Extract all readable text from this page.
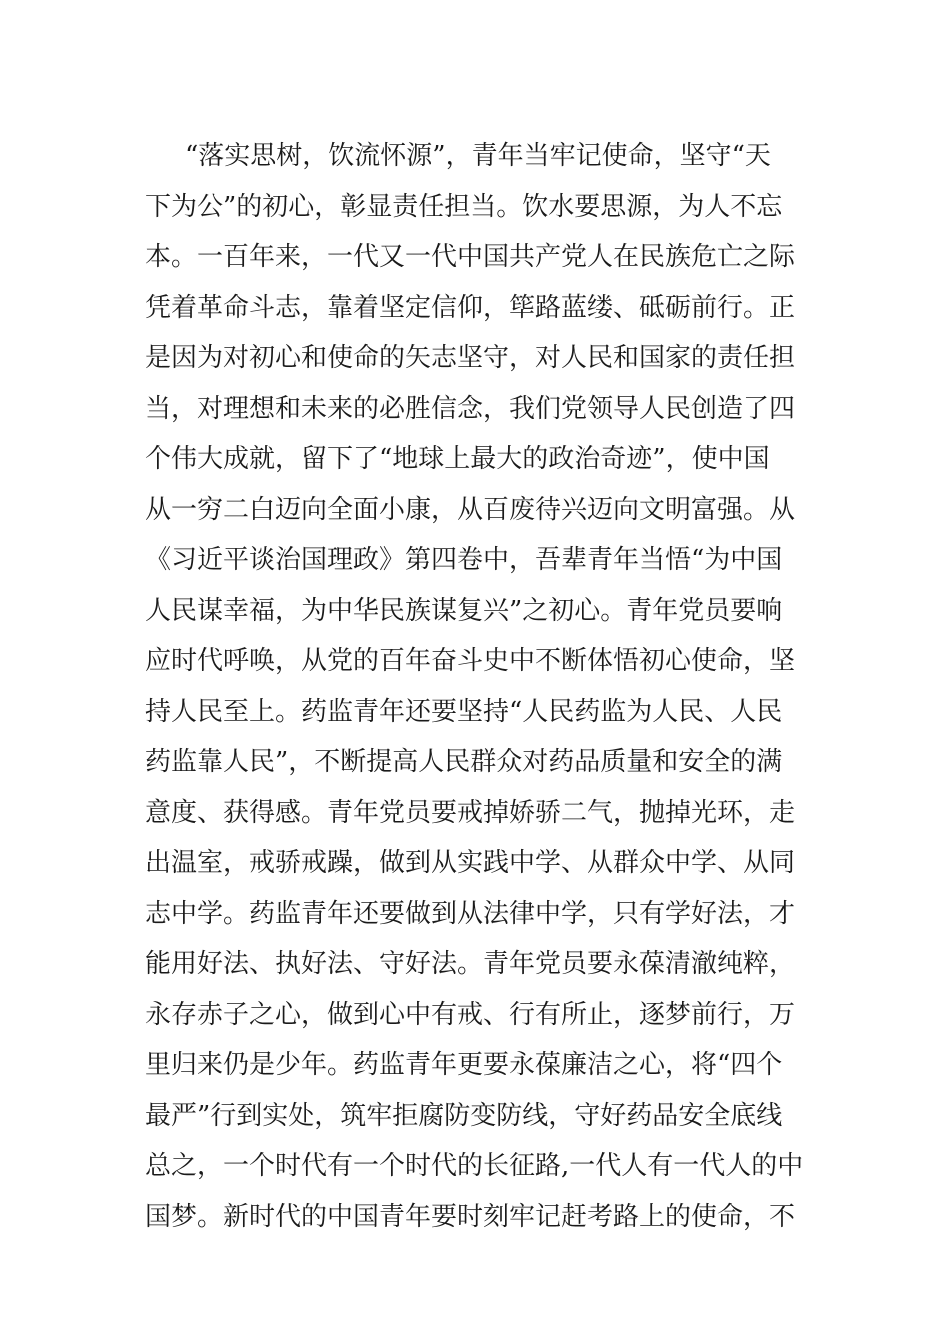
“落实思树，饮流怀源”，青年当牢记使命，坚守“天
下为公”的初心，彰显责任担当。饮水要思源，为人不忘
本。一百年来，一代又一代中国共产党人在民族危亡之际
凭着革命斗志，靠着坚定信仰，筚路蓝缕、砥砺前行。正
是因为对初心和使命的矢志坚守，对人民和国家的责任担
当，对理想和未来的必胜信念，我们党领导人民创造了四
个伟大成就，留下了“地球上最大的政治奇迹”，使中国
从一穷二白迈向全面小康，从百废待兴迈向文明富强。从
《习近平谈治国理政》第四卷中，吾辈青年当悟“为中国
人民谋幸福，为中华民族谋复兴”之初心。青年党员要响
应时代呼唤，从党的百年奋斗史中不断体悟初心使命，坚
持人民至上。药监青年还要坚持“人民药监为人民、人民
药监靠人民”，不断提高人民群众对药品质量和安全的满
意度、获得感。青年党员要戒掉娇骄二气，抛掉光环，走
出温室，戒骄戒躁，做到从实践中学、从群众中学、从同
志中学。药监青年还要做到从法律中学，只有学好法，才
能用好法、执好法、守好法。青年党员要永葆清澈纯粹，
永存赤子之心，做到心中有戒、行有所止，逐梦前行，万
里归来仍是少年。药监青年更要永葆廉洁之心，将“四个
最严”行到实处，筑牢拒腐防变防线，守好药品安全底线
总之，一个时代有一个时代的长征路,一代人有一代人的中
国梦。新时代的中国青年要时刻牢记赶考路上的使命，不
